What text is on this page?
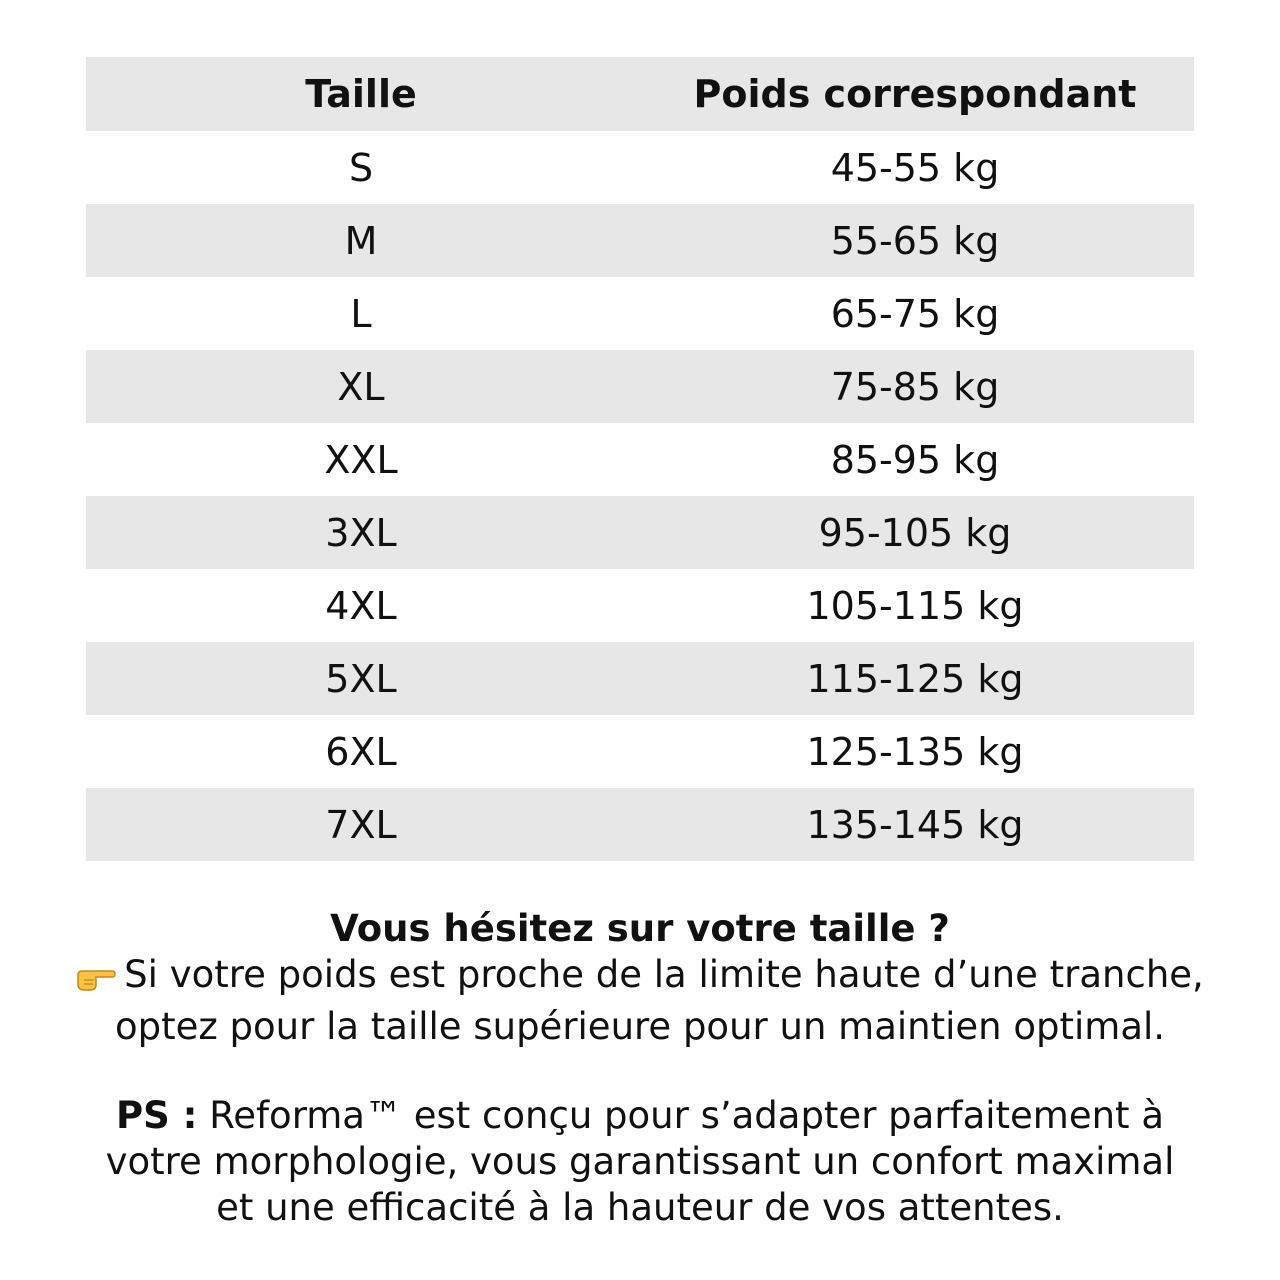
Taille	Poids correspondant
S	45-55 kg
M	55-65 kg
L	65-75 kg
XL	75-85 kg
XXL	85-95 kg
3XL	95-105 kg
4XL	105-115 kg
5XL	115-125 kg
6XL	125-135 kg
7XL	135-145 kg

Vous hésitez sur votre taille ?

Si votre poids est proche de la limite haute d’une tranche,
optez pour la taille supérieure pour un maintien optimal.

PS : Reforma™ est conçu pour s’adapter parfaitement à
votre morphologie, vous garantissant un confort maximal
et une efficacité à la hauteur de vos attentes.
